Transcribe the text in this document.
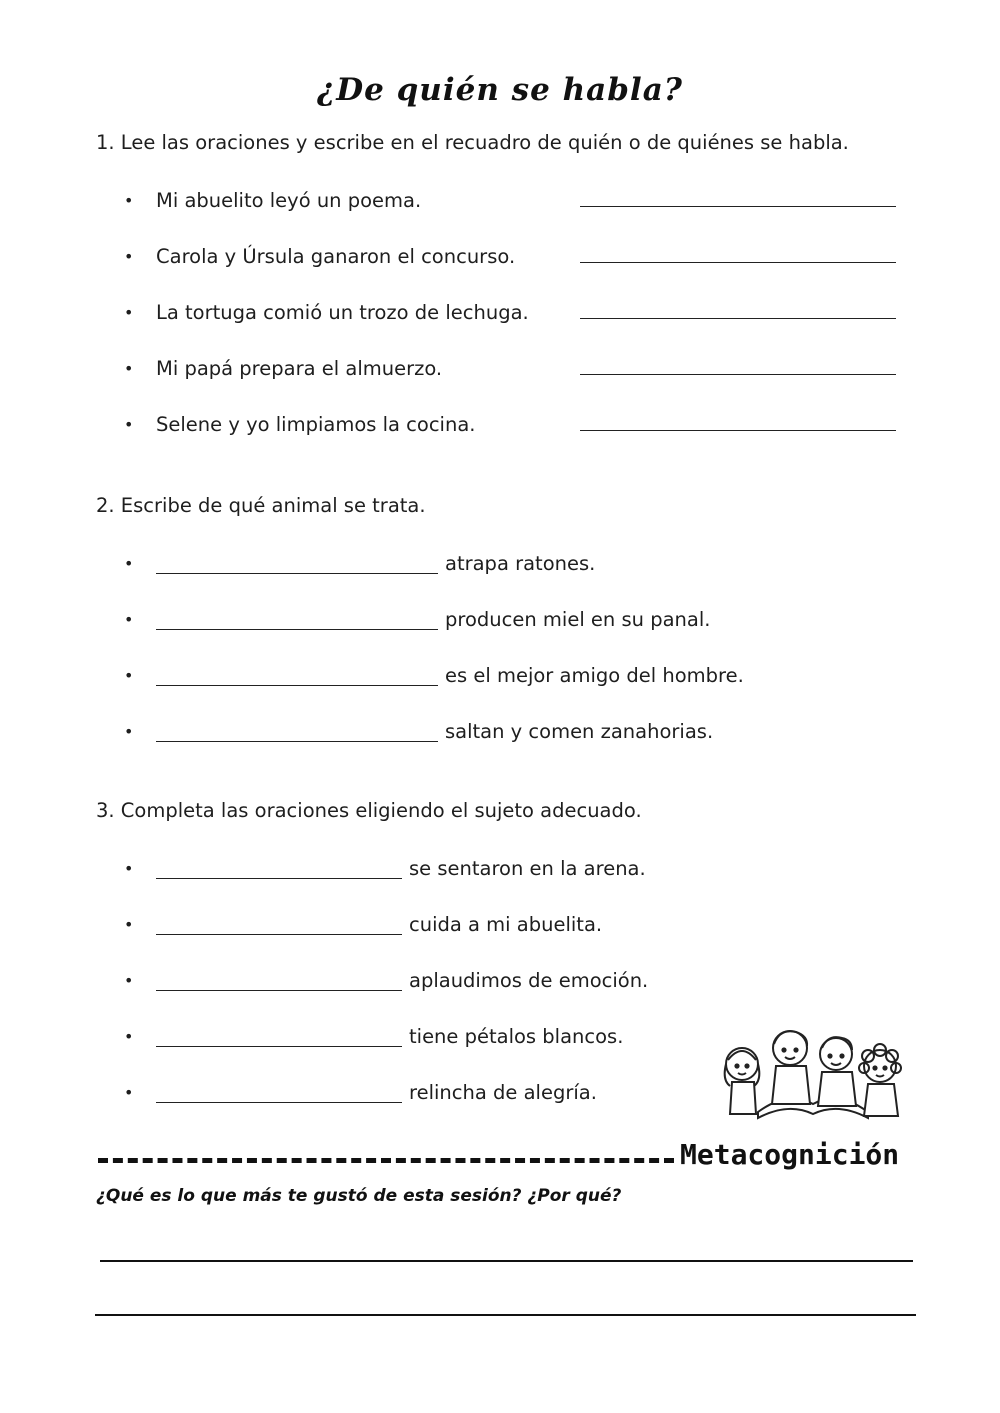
¿De quién se habla?
1. Lee las oraciones y escribe en el recuadro de quién o de quiénes se habla.
•	Mi abuelito leyó un poema.
•	Carola y Úrsula ganaron el concurso.
•	La tortuga comió un trozo de lechuga.
•	Mi papá prepara el almuerzo.
•	Selene y yo limpiamos la cocina.
2. Escribe de qué animal se trata.
•	atrapa ratones.
•	producen miel en su panal.
•	es el mejor amigo del hombre.
•	saltan y comen zanahorias.
3. Completa las oraciones eligiendo el sujeto adecuado.
•	se sentaron en la arena.
•	cuida a mi abuelita.
•	aplaudimos de emoción.
•	tiene pétalos blancos.
•	relincha de alegría.
Metacognición
¿Qué es lo que más te gustó de esta sesión? ¿Por qué?
